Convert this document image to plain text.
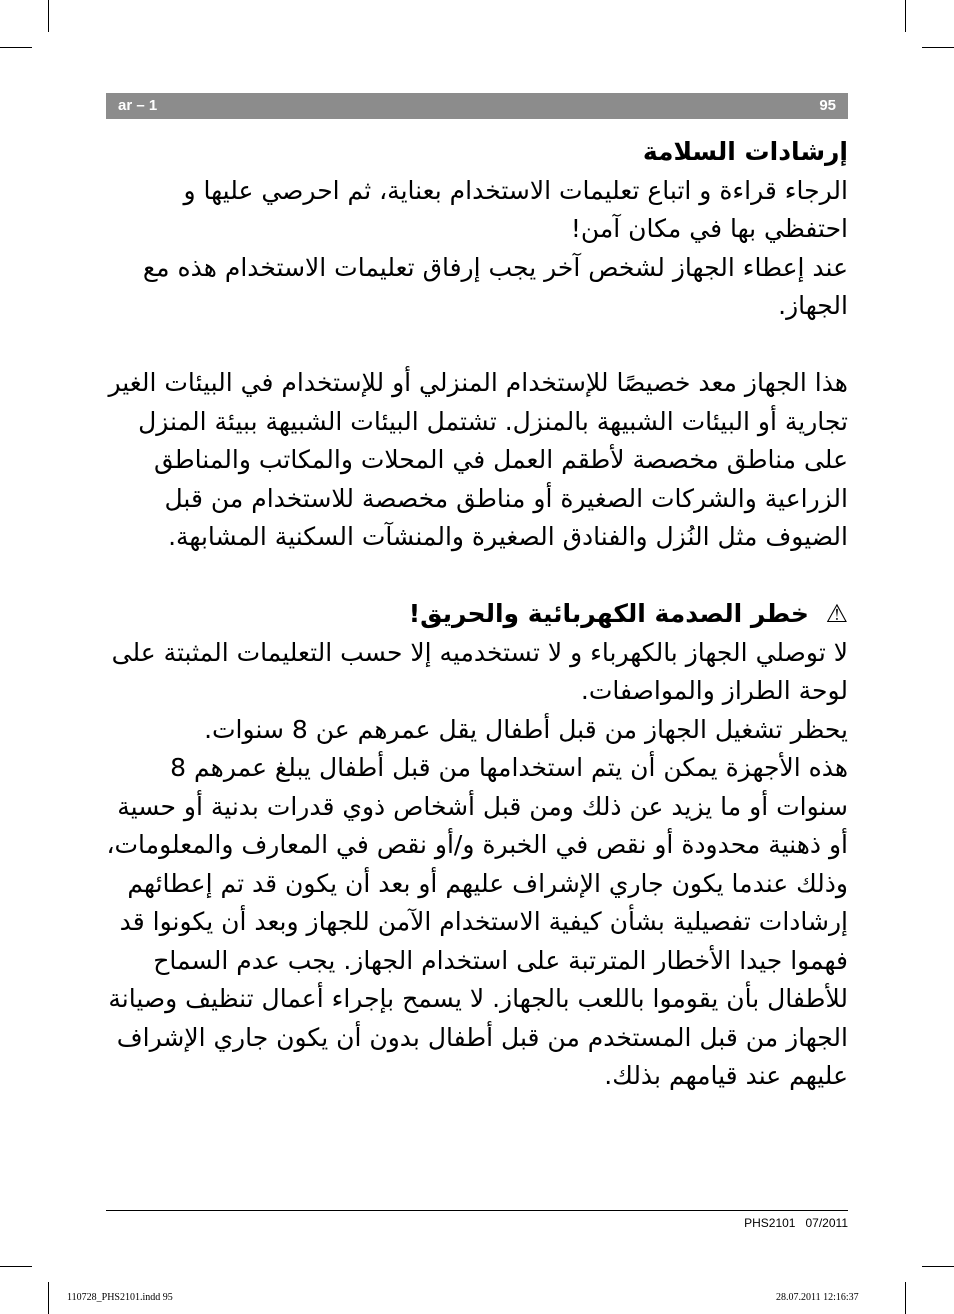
ar – 1	95

إرشادات السلامة

الرجاء قراءة و اتباع تعليمات الاستخدام بعناية، ثم احرصي عليها و احتفظي بها في مكان آمن!

عند إعطاء الجهاز لشخص آخر يجب إرفاق تعليمات الاستخدام هذه مع الجهاز.

هذا الجهاز معد خصيصًا للإستخدام المنزلي أو للإستخدام في البيئات الغير تجارية أو البيئات الشبيهة بالمنزل. تشتمل البيئات الشبيهة ببيئة المنزل على مناطق مخصصة لأطقم العمل في المحلات والمكاتب والمناطق الزراعية والشركات الصغيرة أو مناطق مخصصة للاستخدام من قبل الضيوف مثل النُزل والفنادق الصغيرة والمنشآت السكنية المشابهة.

⚠ خطر الصدمة الكهربائية والحريق!

لا توصلي الجهاز بالكهرباء و لا تستخدميه إلا حسب التعليمات المثبتة على لوحة الطراز والمواصفات.

يحظر تشغيل الجهاز من قبل أطفال يقل عمرهم عن 8 سنوات.

هذه الأجهزة يمكن أن يتم استخدامها من قبل أطفال يبلغ عمرهم 8 سنوات أو ما يزيد عن ذلك ومن قبل أشخاص ذوي قدرات بدنية أو حسية أو ذهنية محدودة أو نقص في الخبرة و/أو نقص في المعارف والمعلومات، وذلك عندما يكون جاري الإشراف عليهم أو بعد أن يكون قد تم إعطائهم إرشادات تفصيلية بشأن كيفية الاستخدام الآمن للجهاز وبعد أن يكونوا قد فهموا جيدا الأخطار المترتبة على استخدام الجهاز. يجب عدم السماح للأطفال بأن يقوموا باللعب بالجهاز. لا يسمح بإجراء أعمال تنظيف وصيانة الجهاز من قبل المستخدم من قبل أطفال بدون أن يكون جاري الإشراف عليهم عند قيامهم بذلك.

PHS2101 07/2011
110728_PHS2101.indd 95	28.07.2011 12:16:37
